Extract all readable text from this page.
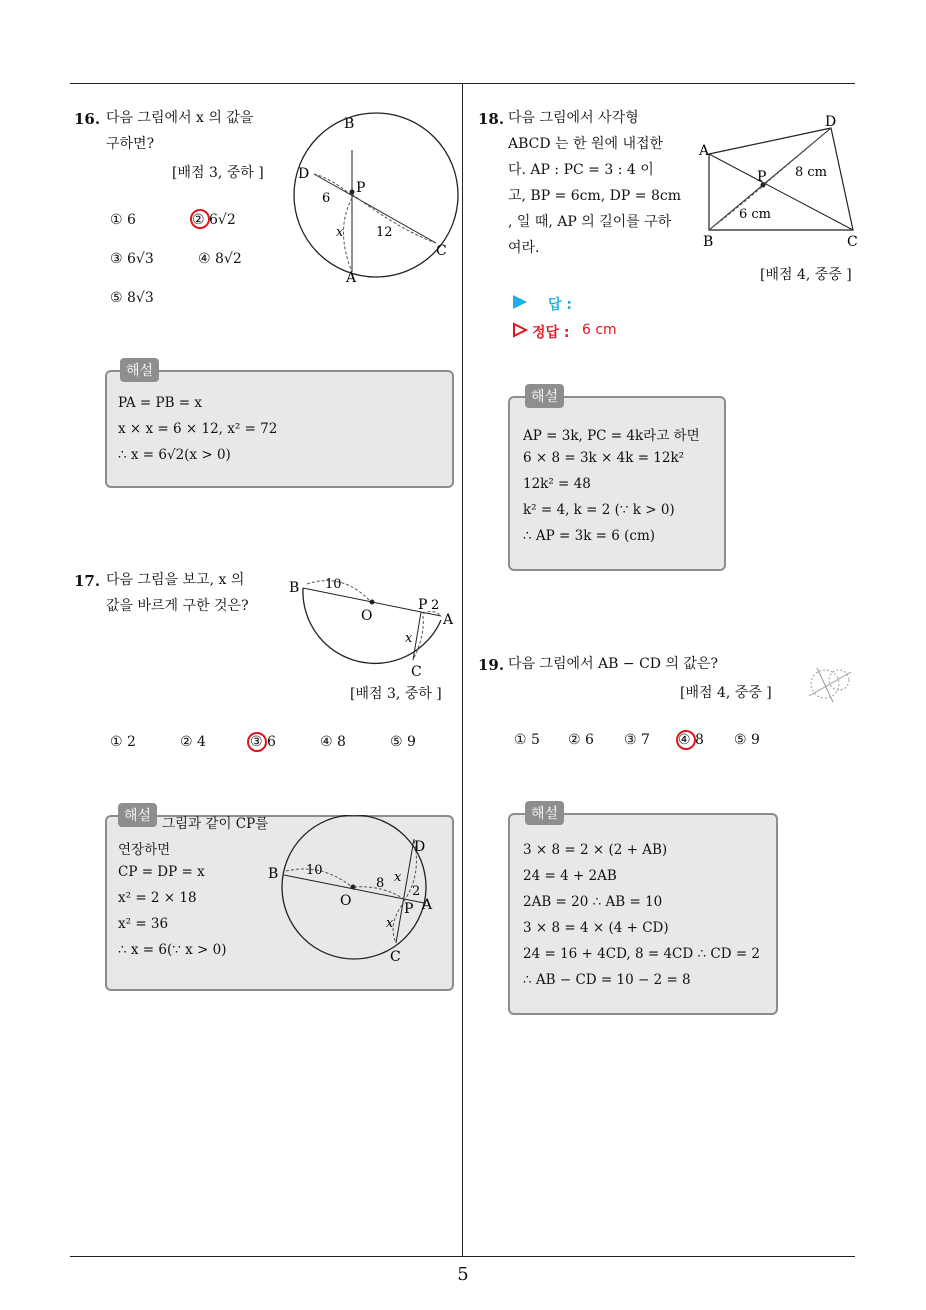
16. 다음 그림에서 x 의 값을
구하면?
[배점 3, 중하 ]
① 6	② 6√2
③ 6√3	④ 8√2
⑤ 8√3
B
D
P
6
12
x
A
C
해설
PA = PB = x
x × x = 6 × 12, x² = 72
∴ x = 6√2(x > 0)
17. 다음 그림을 보고, x 의
값을 바르게 구한 것은?
[배점 3, 중하 ]
B 10
O
P 2
A
x
C
① 2	② 4	③ 6	④ 8	⑤ 9
해설 그림과 같이 CP를
연장하면
CP = DP = x
x² = 2 × 18
x² = 36
∴ x = 6(∵ x > 0)
B 10
O
8
D
x
2
P A
x
C
18. 다음 그림에서 사각형
ABCD 는 한 원에 내접한
다. AP : PC = 3 : 4 이
고, BP = 6cm, DP = 8cm
, 일 때, AP 의 길이를 구하
여라.
[배점 4, 중중 ]
A
D
P 8 cm
6 cm
B	C
답 :
정답 : 6 cm
해설
AP = 3k, PC = 4k라고 하면
6 × 8 = 3k × 4k = 12k²
12k² = 48
k² = 4, k = 2 (∵ k > 0)
∴ AP = 3k = 6 (cm)
19. 다음 그림에서 AB − CD 의 값은?
[배점 4, 중중 ]
① 5 ② 6 ③ 7 ④ 8 ⑤ 9
해설
3 × 8 = 2 × (2 + AB)
24 = 4 + 2AB
2AB = 20 ∴ AB = 10
3 × 8 = 4 × (4 + CD)
24 = 16 + 4CD, 8 = 4CD ∴ CD = 2
∴ AB − CD = 10 − 2 = 8
5
